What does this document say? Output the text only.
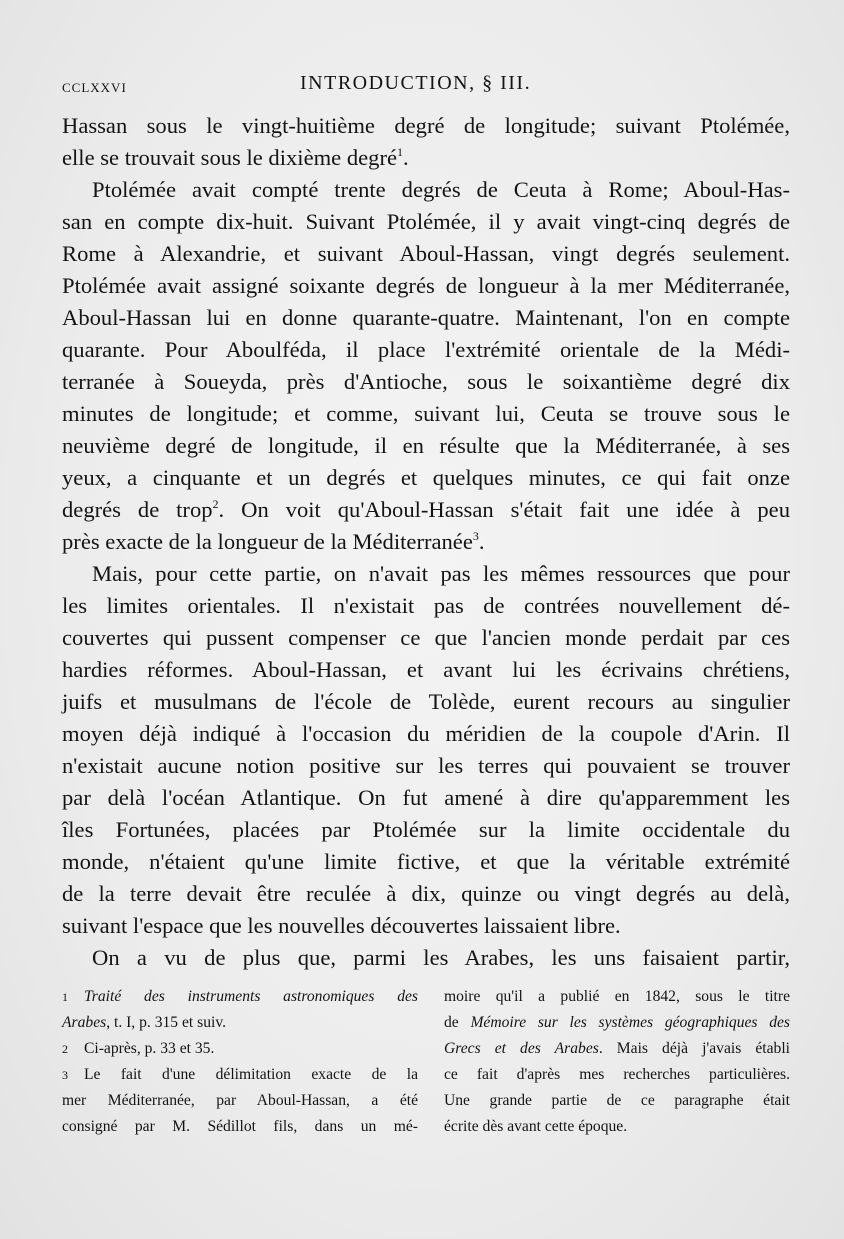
CCLXXVI	INTRODUCTION, § III.
Hassan sous le vingt-huitième degré de longitude; suivant Ptolémée,
elle se trouvait sous le dixième degré$^1$.
Ptolémée avait compté trente degrés de Ceuta à Rome; Aboul-Has-
san en compte dix-huit. Suivant Ptolémée, il y avait vingt-cinq degrés de
Rome à Alexandrie, et suivant Aboul-Hassan, vingt degrés seulement.
Ptolémée avait assigné soixante degrés de longueur à la mer Méditerranée,
Aboul-Hassan lui en donne quarante-quatre. Maintenant, l'on en compte
quarante. Pour Aboulféda, il place l'extrémité orientale de la Médi-
terranée à Soueyda, près d'Antioche, sous le soixantième degré dix
minutes de longitude; et comme, suivant lui, Ceuta se trouve sous le
neuvième degré de longitude, il en résulte que la Méditerranée, à ses
yeux, a cinquante et un degrés et quelques minutes, ce qui fait onze
degrés de trop$^2$. On voit qu'Aboul-Hassan s'était fait une idée à peu
près exacte de la longueur de la Méditerranée$^3$.
Mais, pour cette partie, on n'avait pas les mêmes ressources que pour
les limites orientales. Il n'existait pas de contrées nouvellement dé-
couvertes qui pussent compenser ce que l'ancien monde perdait par ces
hardies réformes. Aboul-Hassan, et avant lui les écrivains chrétiens,
juifs et musulmans de l'école de Tolède, eurent recours au singulier
moyen déjà indiqué à l'occasion du méridien de la coupole d'Arin. Il
n'existait aucune notion positive sur les terres qui pouvaient se trouver
par delà l'océan Atlantique. On fut amené à dire qu'apparemment les
îles Fortunées, placées par Ptolémée sur la limite occidentale du
monde, n'étaient qu'une limite fictive, et que la véritable extrémité
de la terre devait être reculée à dix, quinze ou vingt degrés au delà,
suivant l'espace que les nouvelles découvertes laissaient libre.
On a vu de plus que, parmi les Arabes, les uns faisaient partir,
1 Traité des instruments astronomiques des
Arabes, t. I, p. 315 et suiv.
2 Ci-après, p. 33 et 35.
3 Le fait d'une délimitation exacte de la
mer Méditerranée, par Aboul-Hassan, a été
consigné par M. Sédillot fils, dans un mé-
moire qu'il a publié en 1842, sous le titre
de Mémoire sur les systèmes géographiques des
Grecs et des Arabes. Mais déjà j'avais établi
ce fait d'après mes recherches particulières.
Une grande partie de ce paragraphe était
écrite dès avant cette époque.
